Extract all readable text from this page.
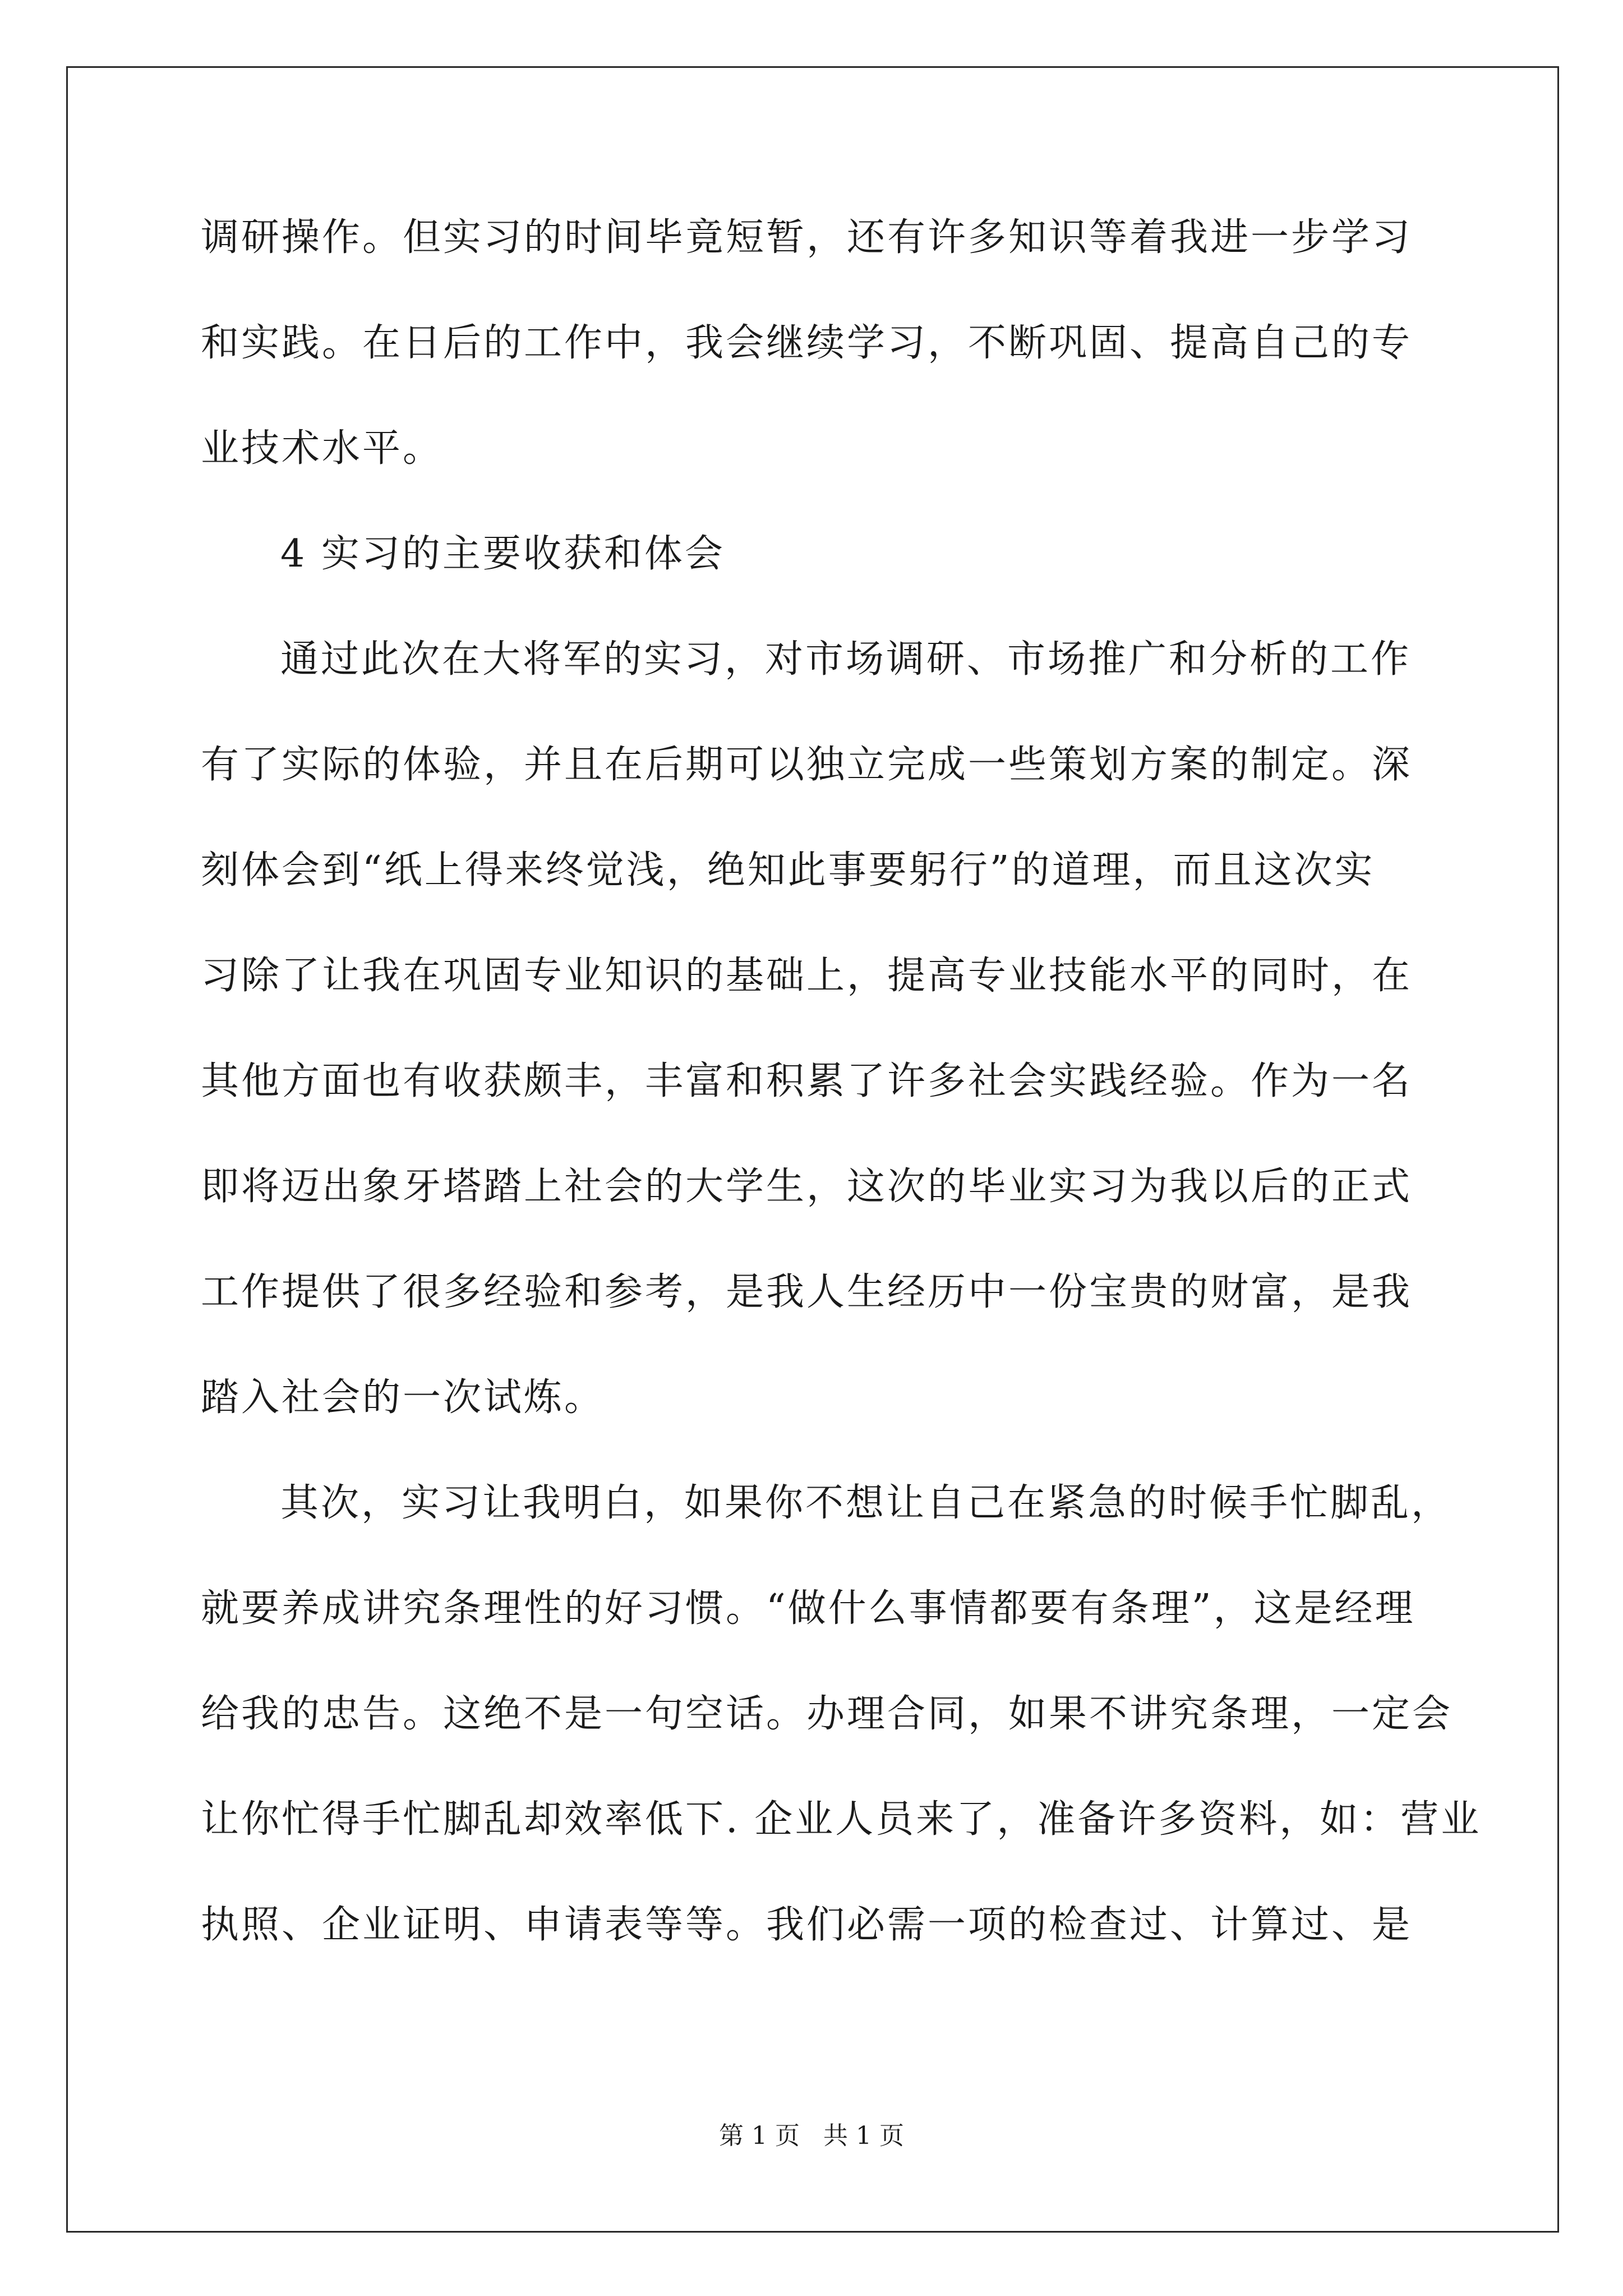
调研操作。但实习的时间毕竟短暂，还有许多知识等着我进一步学习
和实践。在日后的工作中，我会继续学习，不断巩固、提高自己的专
业技术水平。
4 实习的主要收获和体会
通过此次在大将军的实习，对市场调研、市场推广和分析的工作
有了实际的体验，并且在后期可以独立完成一些策划方案的制定。深
刻体会到“纸上得来终觉浅，绝知此事要躬行”的道理，而且这次实
习除了让我在巩固专业知识的基础上，提高专业技能水平的同时，在
其他方面也有收获颇丰，丰富和积累了许多社会实践经验。作为一名
即将迈出象牙塔踏上社会的大学生，这次的毕业实习为我以后的正式
工作提供了很多经验和参考，是我人生经历中一份宝贵的财富，是我
踏入社会的一次试炼。
其次，实习让我明白，如果你不想让自己在紧急的时候手忙脚乱，
就要养成讲究条理性的好习惯。“做什么事情都要有条理”，这是经理
给我的忠告。这绝不是一句空话。办理合同，如果不讲究条理，一定会
让你忙得手忙脚乱却效率低下. 企业人员来了，准备许多资料，如：营业
执照、企业证明、申请表等等。我们必需一项的检查过、计算过、是
第 1 页 共 1 页
